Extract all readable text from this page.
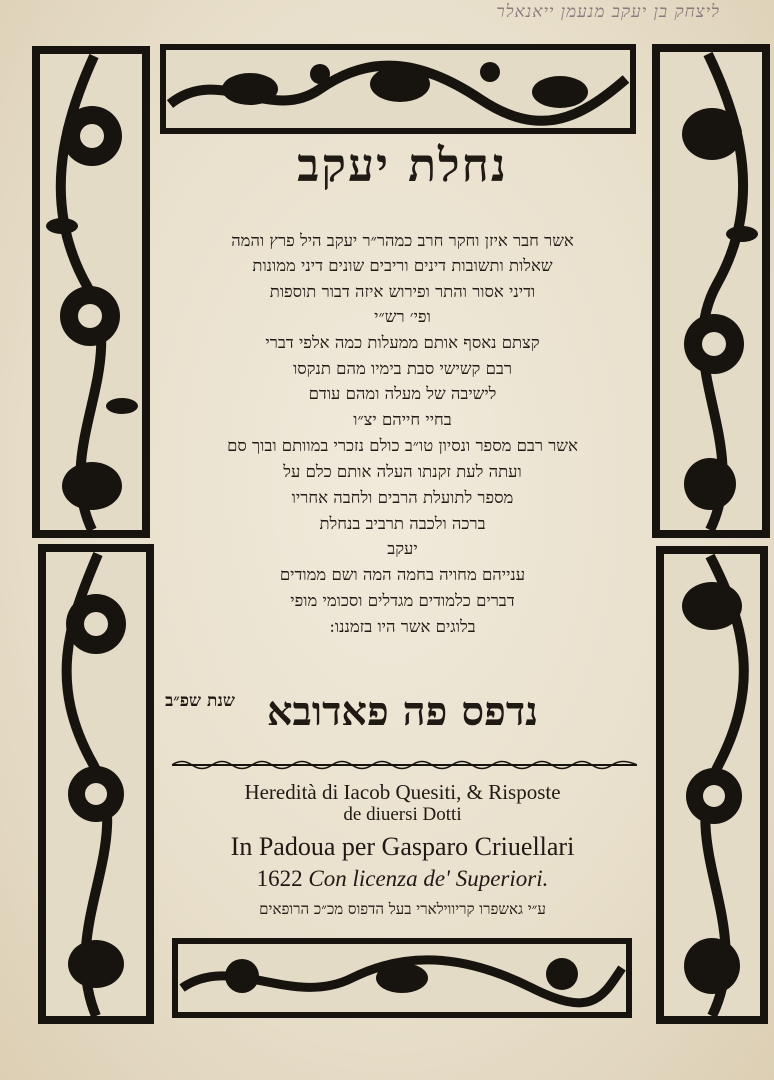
ליצחק בן יעקב מנעמן ייאנאלר
נחלת יעקב
אשר חבר איזן וחקר חרב כמהר״ר יעקב היל פרץ והמה
שאלות ותשובות דינים וריבים שונים דיני ממונות
ודיני אסור והתר ופירוש איזה דבור תוספות
ופי׳ רש״י
קצתם נאסף אותם ממעלות כמה אלפי דברי
רבם קשישי סבת בימיו מהם תנקסו
לישיבה של מעלה ומהם עודם
בחיי חייהם יצ״ו
אשר רבם מספר ונסיון טו״ב כולם נזכרי במוותם ובוך סם
ועתה לעת זקנתו העלה אותם כלם על
מספר לתועלת הרבים ולחבה אחריו
ברכה ולכבה תרביב בנחלת
יעקב
ענייהם מחויה בחמה המה ושם ממודים
דברים כלמודים מגדלים וסכומי מופי
בלוגים אשר היו בזמננו:
נדפס פה פאדובא
שנת שפ״ב
Heredità di Iacob Quesiti, & Risposte
de diuersi Dotti
In Padoua per Gasparo Criuellari
1622 Con licenza de' Superiori.
ע״י גאשפרו קריווילארי בעל הדפוס מכ״כ הרופאים
